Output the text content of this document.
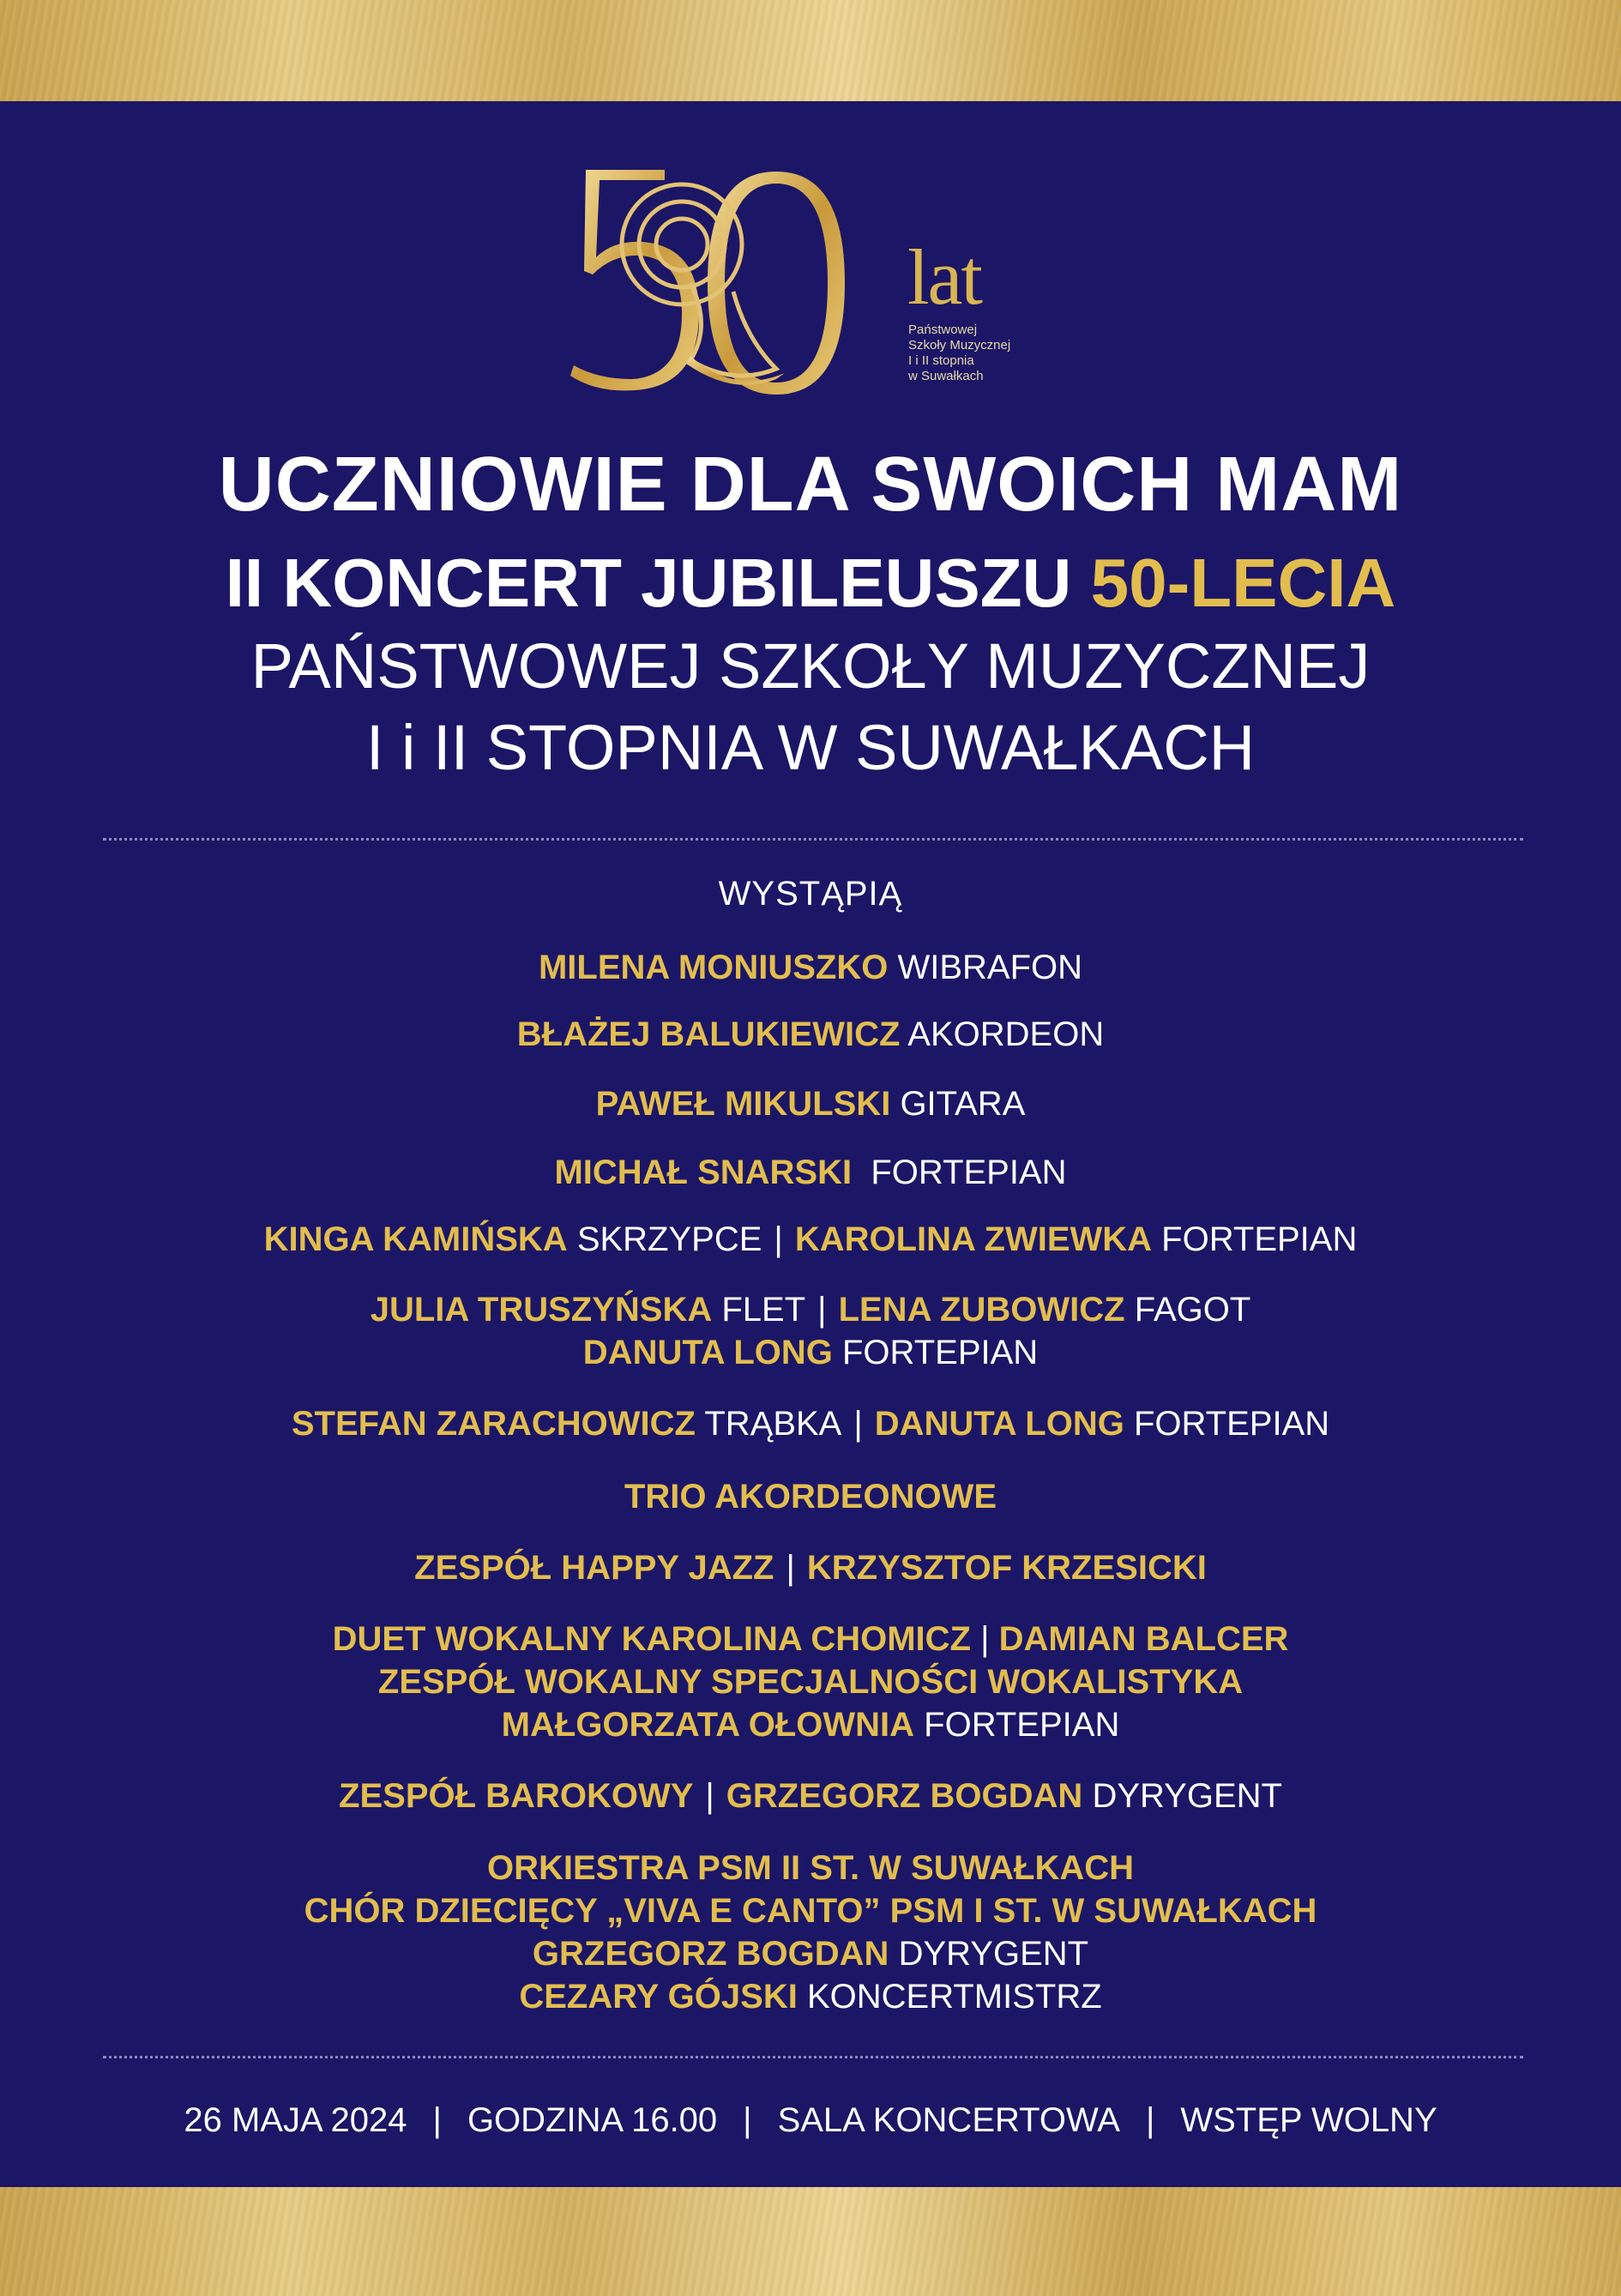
lat
Państwowej
Szkoły Muzycznej
I i II stopnia
w Suwałkach
UCZNIOWIE DLA SWOICH MAM
II KONCERT JUBILEUSZU 50-LECIA
PAŃSTWOWEJ SZKOŁY MUZYCZNEJ
I i II STOPNIA W SUWAŁKACH
WYSTĄPIĄ
MILENA MONIUSZKO WIBRAFON
BŁAŻEJ BALUKIEWICZ AKORDEON
PAWEŁ MIKULSKI GITARA
MICHAŁ SNARSKI FORTEPIAN
KINGA KAMIŃSKA SKRZYPCE | KAROLINA ZWIEWKA FORTEPIAN
JULIA TRUSZYŃSKA FLET | LENA ZUBOWICZ FAGOT
DANUTA LONG FORTEPIAN
STEFAN ZARACHOWICZ TRĄBKA | DANUTA LONG FORTEPIAN
TRIO AKORDEONOWE
ZESPÓŁ HAPPY JAZZ | KRZYSZTOF KRZESICKI
DUET WOKALNY KAROLINA CHOMICZ | DAMIAN BALCER
ZESPÓŁ WOKALNY SPECJALNOŚCI WOKALISTYKA
MAŁGORZATA OŁOWNIA FORTEPIAN
ZESPÓŁ BAROKOWY | GRZEGORZ BOGDAN DYRYGENT
ORKIESTRA PSM II ST. W SUWAŁKACH
CHÓR DZIECIĘCY „VIVA E CANTO” PSM I ST. W SUWAŁKACH
GRZEGORZ BOGDAN DYRYGENT
CEZARY GÓJSKI KONCERTMISTRZ
26 MAJA 2024 | GODZINA 16.00 | SALA KONCERTOWA | WSTĘP WOLNY
